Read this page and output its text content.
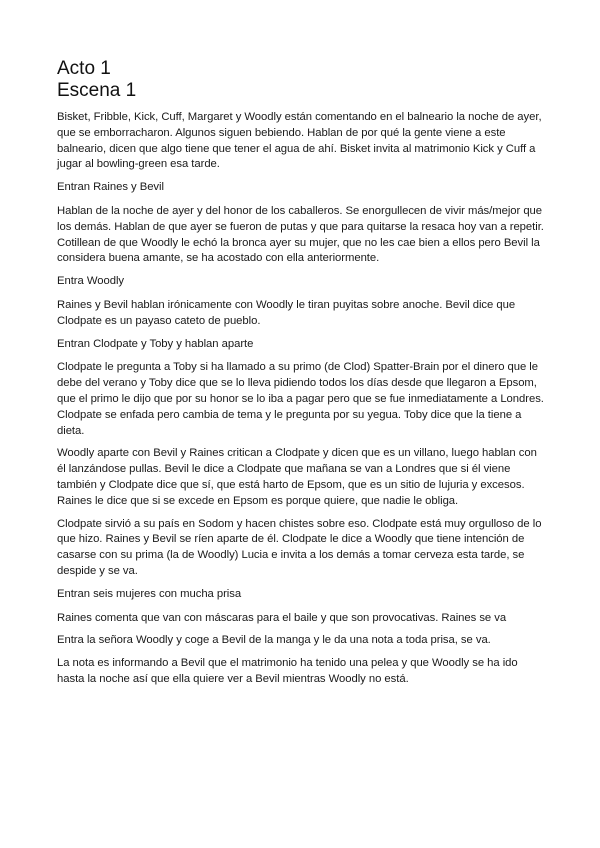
Acto 1
Escena 1

Bisket, Fribble, Kick, Cuff, Margaret y Woodly están comentando en el balneario la noche de ayer, que se emborracharon. Algunos siguen bebiendo. Hablan de por qué la gente viene a este balneario, dicen que algo tiene que tener el agua de ahí. Bisket invita al matrimonio Kick y Cuff a jugar al bowling-green esa tarde.

Entran Raines y Bevil

Hablan de la noche de ayer y del honor de los caballeros. Se enorgullecen de vivir más/mejor que los demás. Hablan de que ayer se fueron de putas y que para quitarse la resaca hoy van a repetir. Cotillean de que Woodly le echó la bronca ayer su mujer, que no les cae bien a ellos pero Bevil la considera buena amante, se ha acostado con ella anteriormente.

Entra Woodly

Raines y Bevil hablan irónicamente con Woodly le tiran puyitas sobre anoche. Bevil dice que Clodpate es un payaso cateto de pueblo.

Entran Clodpate y Toby y hablan aparte

Clodpate le pregunta a Toby si ha llamado a su primo (de Clod) Spatter-Brain por el dinero que le debe del verano y Toby dice que se lo lleva pidiendo todos los días desde que llegaron a Epsom, que el primo le dijo que por su honor se lo iba a pagar pero que se fue inmediatamente a Londres. Clodpate se enfada pero cambia de tema y le pregunta por su yegua. Toby dice que la tiene a dieta.

Woodly aparte con Bevil y Raines critican a Clodpate y dicen que es un villano, luego hablan con él lanzándose pullas. Bevil le dice a Clodpate que mañana se van a Londres que si él viene también y Clodpate dice que sí, que está harto de Epsom, que es un sitio de lujuria y excesos. Raines le dice que si se excede en Epsom es porque quiere, que nadie le obliga.

Clodpate sirvió a su país en Sodom y hacen chistes sobre eso. Clodpate está muy orgulloso de lo que hizo. Raines y Bevil se ríen aparte de él. Clodpate le dice a Woodly que tiene intención de casarse con su prima (la de Woodly) Lucia e invita a los demás a tomar cerveza esta tarde, se despide y se va.

Entran seis mujeres con mucha prisa

Raines comenta que van con máscaras para el baile y que son provocativas. Raines se va

Entra la señora Woodly y coge a Bevil de la manga y le da una nota a toda prisa, se va.

La nota es informando a Bevil que el matrimonio ha tenido una pelea y que Woodly se ha ido hasta la noche así que ella quiere ver a Bevil mientras Woodly no está.
